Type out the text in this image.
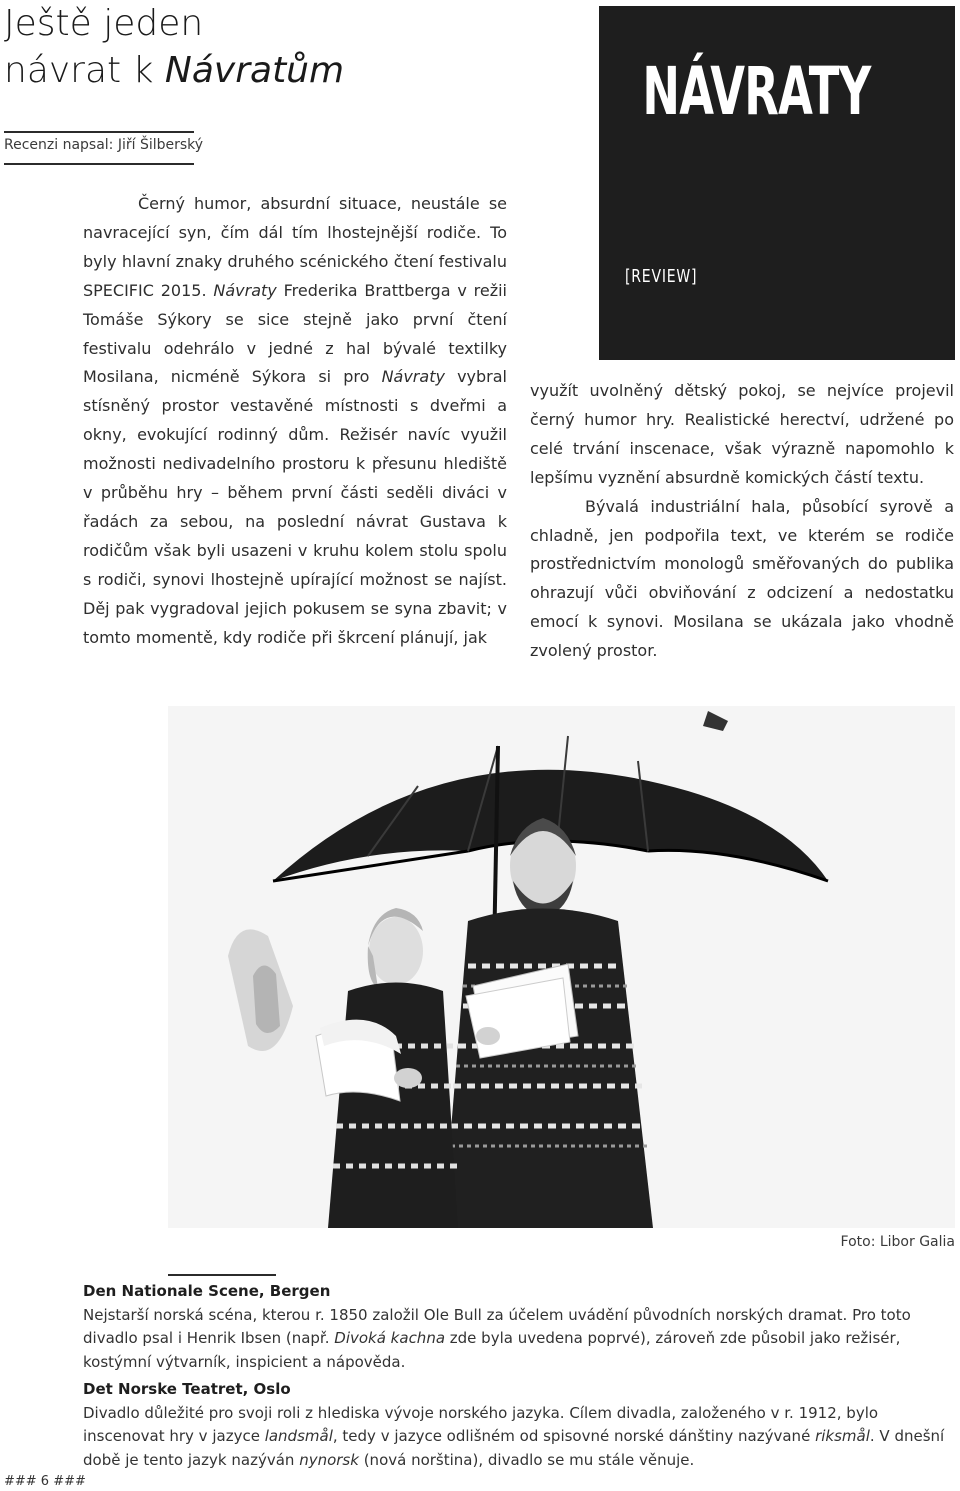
Ještě jeden
návrat k Návratům
Recenzi napsal: Jiří Šilberský
NÁVRATY
[REVIEW]

Černý humor, absurdní situace, neustále se navracející syn, čím dál tím lhostejnější rodiče. To byly hlavní znaky druhého scénického čtení festivalu SPECIFIC 2015. Návraty Frederika Brattberga v režii Tomáše Sýkory se sice stejně jako první čtení festivalu odehrálo v jedné z hal bývalé textilky Mosilana, nicméně Sýkora si pro Návraty vybral stísněný prostor vestavěné místnosti s dveřmi a okny, evokující rodinný dům. Režisér navíc využil možnosti nedivadelního prostoru k přesunu hlediště v průběhu hry – během první části seděli diváci v řadách za sebou, na poslední návrat Gustava k rodičům však byli usazeni v kruhu kolem stolu spolu s rodiči, synovi lhostejně upírající možnost se najíst. Děj pak vygradoval jejich pokusem se syna zbavit; v tomto momentě, kdy rodiče při škrcení plánují, jak

využít uvolněný dětský pokoj, se nejvíce projevil černý humor hry. Realistické herectví, udržené po celé trvání inscenace, však výrazně napomohlo k lepšímu vyznění absurdně komických částí textu.

Bývalá industriální hala, působící syrově a chladně, jen podpořila text, ve kterém se rodiče prostřednictvím monologů směřovaných do publika ohrazují vůči obviňování z odcizení a nedostatku emocí k synovi. Mosilana se ukázala jako vhodně zvolený prostor.

Foto: Libor Galia
Den Nationale Scene, Bergen

Nejstarší norská scéna, kterou r. 1850 založil Ole Bull za účelem uvádění původních norských dramat. Pro toto divadlo psal i Henrik Ibsen (např. Divoká kachna zde byla uvedena poprvé), zároveň zde působil jako režisér, kostýmní výtvarník, inspicient a nápověda.

Det Norske Teatret, Oslo

Divadlo důležité pro svoji roli z hlediska vývoje norského jazyka. Cílem divadla, založeného v r. 1912, bylo inscenovat hry v jazyce landsmål, tedy v jazyce odlišném od spisovné norské dánštiny nazývané riksmål. V dnešní době je tento jazyk nazýván nynorsk (nová norština), divadlo se mu stále věnuje.

### 6 ###
